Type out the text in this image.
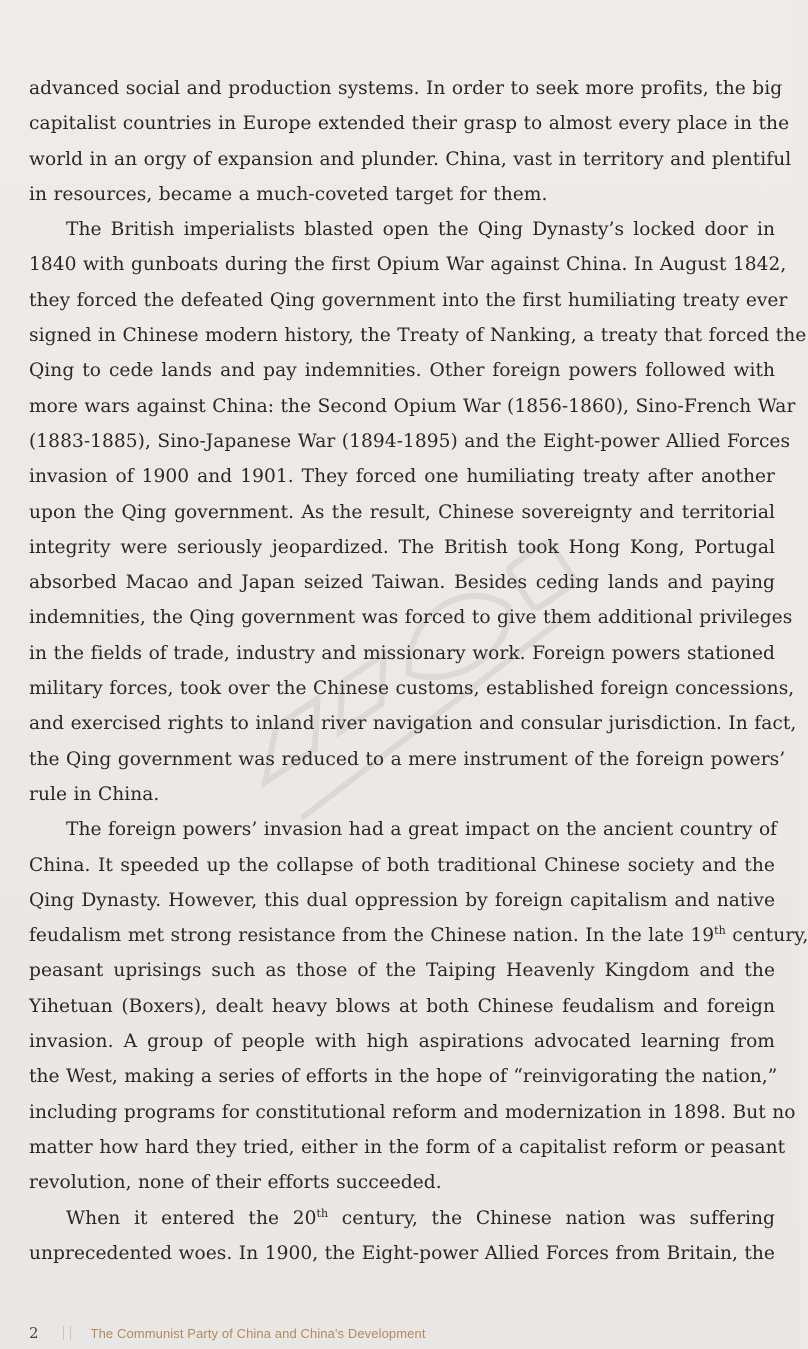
advanced social and production systems. In order to seek more profits, the big
capitalist countries in Europe extended their grasp to almost every place in the
world in an orgy of expansion and plunder. China, vast in territory and plentiful
in resources, became a much-coveted target for them.
The British imperialists blasted open the Qing Dynasty’s locked door in
1840 with gunboats during the first Opium War against China. In August 1842,
they forced the defeated Qing government into the first humiliating treaty ever
signed in Chinese modern history, the Treaty of Nanking, a treaty that forced the
Qing to cede lands and pay indemnities. Other foreign powers followed with
more wars against China: the Second Opium War (1856-1860), Sino-French War
(1883-1885), Sino-Japanese War (1894-1895) and the Eight-power Allied Forces
invasion of 1900 and 1901. They forced one humiliating treaty after another
upon the Qing government. As the result, Chinese sovereignty and territorial
integrity were seriously jeopardized. The British took Hong Kong, Portugal
absorbed Macao and Japan seized Taiwan. Besides ceding lands and paying
indemnities, the Qing government was forced to give them additional privileges
in the fields of trade, industry and missionary work. Foreign powers stationed
military forces, took over the Chinese customs, established foreign concessions,
and exercised rights to inland river navigation and consular jurisdiction. In fact,
the Qing government was reduced to a mere instrument of the foreign powers’
rule in China.
The foreign powers’ invasion had a great impact on the ancient country of
China. It speeded up the collapse of both traditional Chinese society and the
Qing Dynasty. However, this dual oppression by foreign capitalism and native
feudalism met strong resistance from the Chinese nation. In the late 19th century,
peasant uprisings such as those of the Taiping Heavenly Kingdom and the
Yihetuan (Boxers), dealt heavy blows at both Chinese feudalism and foreign
invasion. A group of people with high aspirations advocated learning from
the West, making a series of efforts in the hope of “reinvigorating the nation,”
including programs for constitutional reform and modernization in 1898. But no
matter how hard they tried, either in the form of a capitalist reform or peasant
revolution, none of their efforts succeeded.
When it entered the 20th century, the Chinese nation was suffering
unprecedented woes. In 1900, the Eight-power Allied Forces from Britain, the
2	The Communist Party of China and China's Development
